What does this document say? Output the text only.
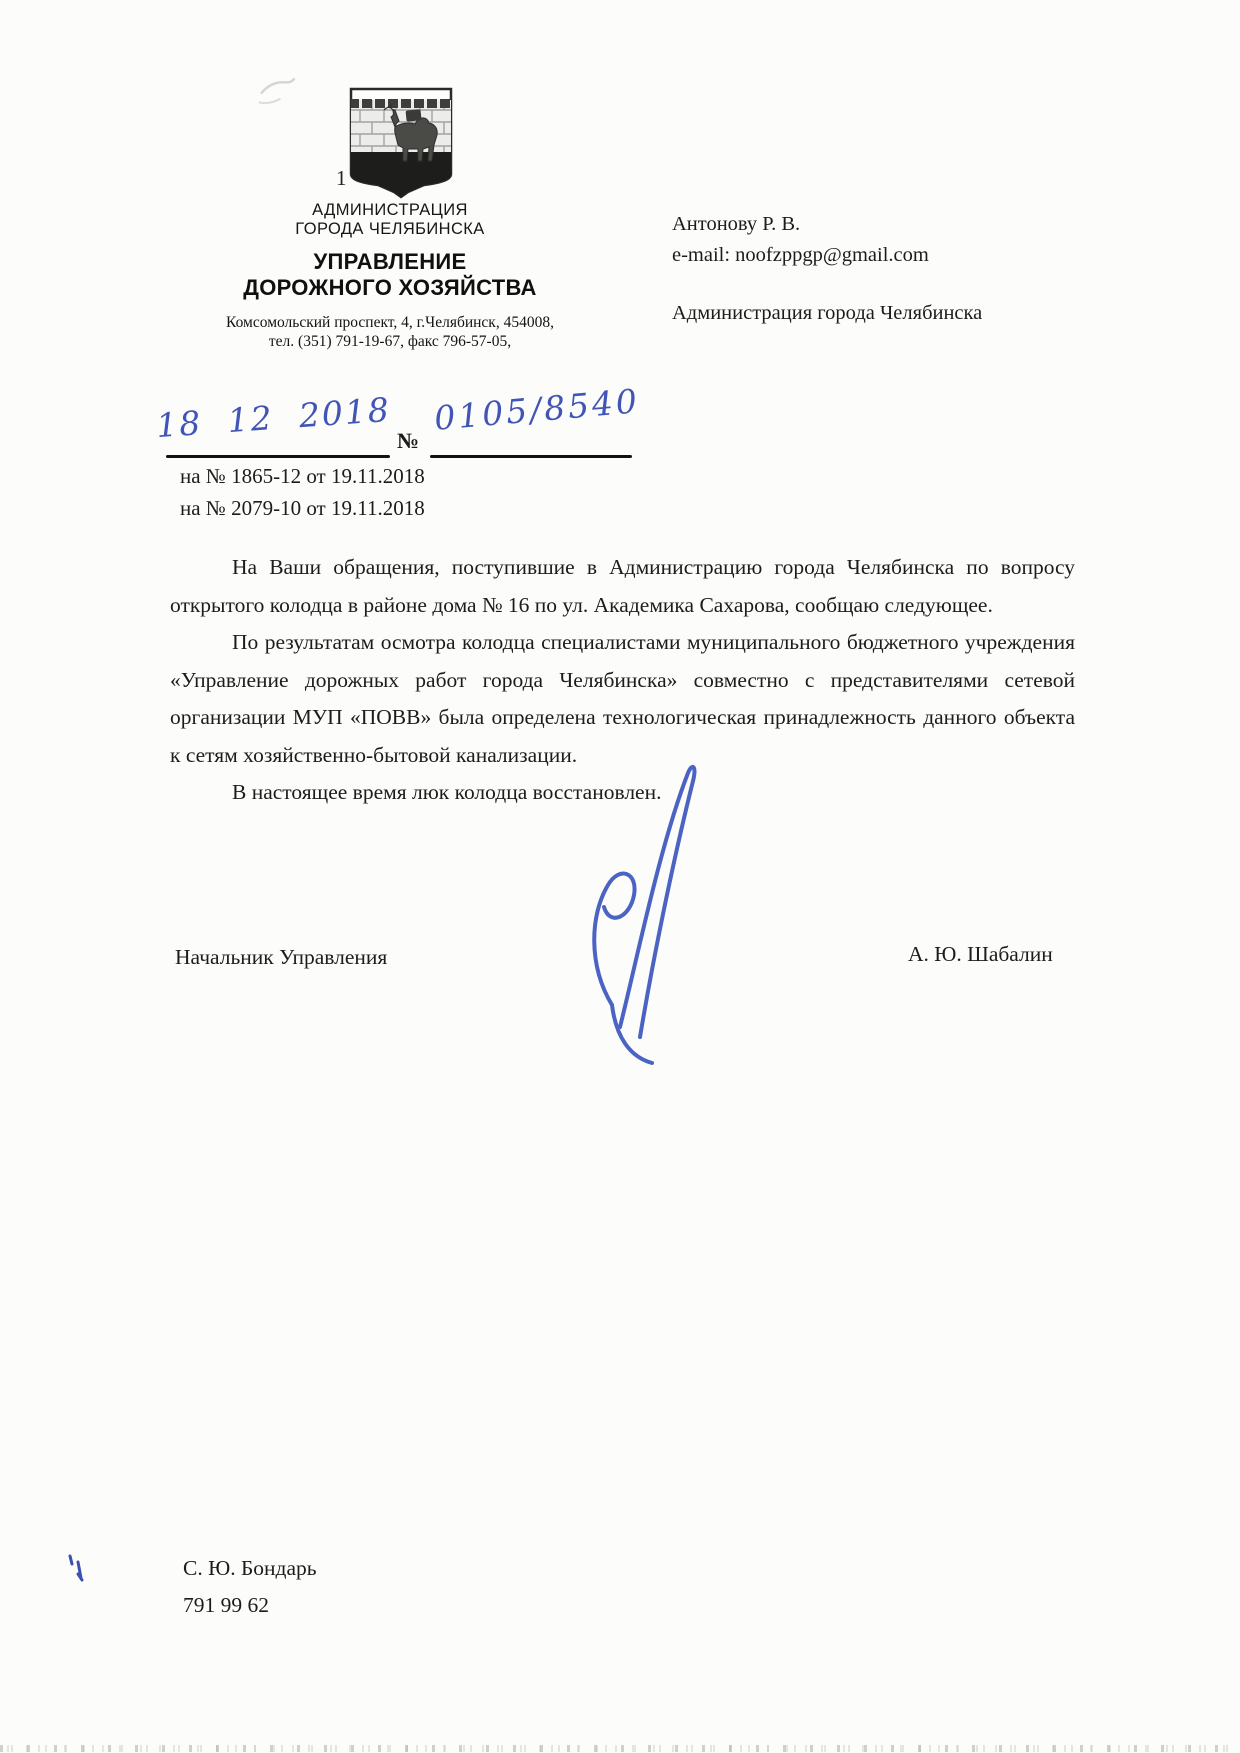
1
АДМИНИСТРАЦИЯ
ГОРОДА ЧЕЛЯБИНСКА
УПРАВЛЕНИЕ
ДОРОЖНОГО ХОЗЯЙСТВА
Комсомольский проспект, 4, г.Челябинск, 454008,
тел. (351) 791-19-67, факс 796-57-05,
Антонову Р. В.
e-mail: noofzppgp@gmail.com
Администрация города Челябинска
18 12 2018 №
0105/8540
на № 1865-12 от 19.11.2018
на № 2079-10 от 19.11.2018

На Ваши обращения, поступившие в Администрацию города Челябинска по вопросу открытого колодца в районе дома № 16 по ул. Академика Сахарова, сообщаю следующее.

По результатам осмотра колодца специалистами муниципального бюджетного учреждения «Управление дорожных работ города Челябинска» совместно с представителями сетевой организации МУП «ПОВВ» была определена технологическая принадлежность данного объекта к сетям хозяйственно-бытовой канализации.

В настоящее время люк колодца восстановлен.

Начальник Управления	А. Ю. Шабалин
С. Ю. Бондарь
791 99 62
